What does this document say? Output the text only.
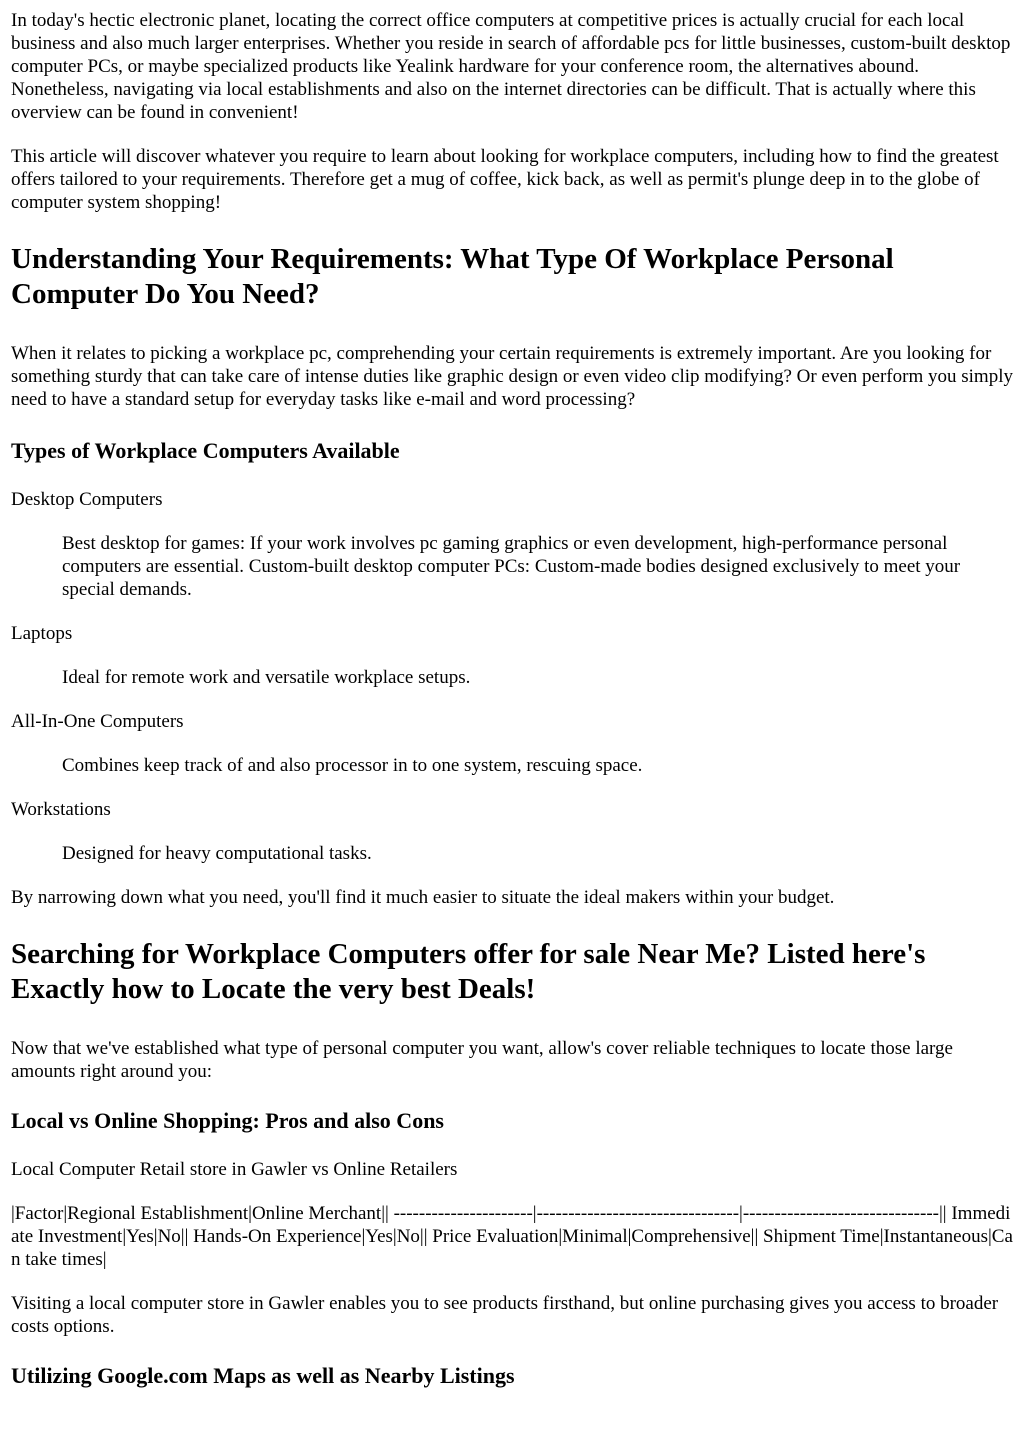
In today's hectic electronic planet, locating the correct office computers at competitive prices is actually crucial for each local business and also much larger enterprises. Whether you reside in search of affordable pcs for little businesses, custom-built desktop computer PCs, or maybe specialized products like Yealink hardware for your conference room, the alternatives abound. Nonetheless, navigating via local establishments and also on the internet directories can be difficult. That is actually where this overview can be found in convenient!

This article will discover whatever you require to learn about looking for workplace computers, including how to find the greatest offers tailored to your requirements. Therefore get a mug of coffee, kick back, as well as permit's plunge deep in to the globe of computer system shopping!

Understanding Your Requirements: What Type Of Workplace Personal Computer Do You Need?

When it relates to picking a workplace pc, comprehending your certain requirements is extremely important. Are you looking for something sturdy that can take care of intense duties like graphic design or even video clip modifying? Or even perform you simply need to have a standard setup for everyday tasks like e-mail and word processing?

Types of Workplace Computers Available
Desktop Computers
Best desktop for games: If your work involves pc gaming graphics or even development, high-performance personal computers are essential. Custom-built desktop computer PCs: Custom-made bodies designed exclusively to meet your special demands.
Laptops
Ideal for remote work and versatile workplace setups.
All-In-One Computers
Combines keep track of and also processor in to one system, rescuing space.
Workstations
Designed for heavy computational tasks.

By narrowing down what you need, you'll find it much easier to situate the ideal makers within your budget.

Searching for Workplace Computers offer for sale Near Me? Listed here's Exactly how to Locate the very best Deals!

Now that we've established what type of personal computer you want, allow's cover reliable techniques to locate those large amounts right around you:

Local vs Online Shopping: Pros and also Cons

Local Computer Retail store in Gawler vs Online Retailers

|Factor|Regional Establishment|Online Merchant|| ----------------------|--------------------------------|-------------------------------|| Immediate Investment|Yes|No|| Hands-On Experience|Yes|No|| Price Evaluation|Minimal|Comprehensive|| Shipment Time|Instantaneous|Can take times|

Visiting a local computer store in Gawler enables you to see products firsthand, but online purchasing gives you access to broader costs options.

Utilizing Google.com Maps as well as Nearby Listings
